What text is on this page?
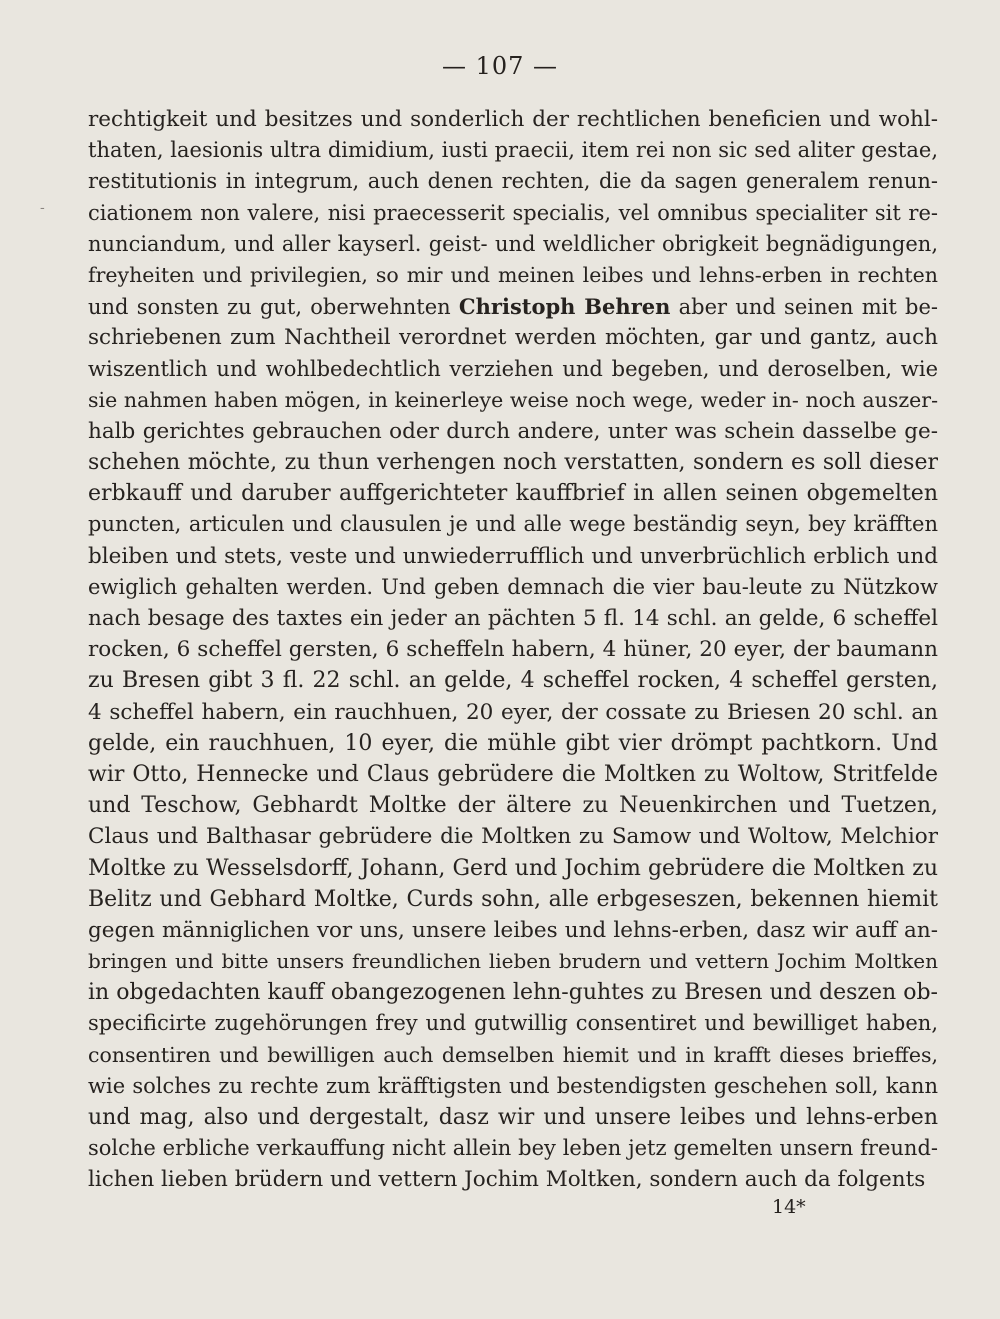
-
— 107 —
rechtigkeit und besitzes und sonderlich der rechtlichen beneficien und wohl-
thaten, laesionis ultra dimidium, iusti praecii, item rei non sic sed aliter gestae,
restitutionis in integrum, auch denen rechten, die da sagen generalem renun-
ciationem non valere, nisi praecesserit specialis, vel omnibus specialiter sit re-
nunciandum, und aller kayserl. geist- und weldlicher obrigkeit begnädigungen,
freyheiten und privilegien, so mir und meinen leibes und lehns-erben in rechten
und sonsten zu gut, oberwehnten Christoph Behren aber und seinen mit be-
schriebenen zum Nachtheil verordnet werden möchten, gar und gantz, auch
wiszentlich und wohlbedechtlich verziehen und begeben, und deroselben, wie
sie nahmen haben mögen, in keinerleye weise noch wege, weder in- noch auszer-
halb gerichtes gebrauchen oder durch andere, unter was schein dasselbe ge-
schehen möchte, zu thun verhengen noch verstatten, sondern es soll dieser
erbkauff und daruber auffgerichteter kauffbrief in allen seinen obgemelten
puncten, articulen und clausulen je und alle wege beständig seyn, bey kräfften
bleiben und stets, veste und unwiederrufflich und unverbrüchlich erblich und
ewiglich gehalten werden. Und geben demnach die vier bau-leute zu Nützkow
nach besage des taxtes ein jeder an pächten 5 fl. 14 schl. an gelde, 6 scheffel
rocken, 6 scheffel gersten, 6 scheffeln habern, 4 hüner, 20 eyer, der baumann
zu Bresen gibt 3 fl. 22 schl. an gelde, 4 scheffel rocken, 4 scheffel gersten,
4 scheffel habern, ein rauchhuen, 20 eyer, der cossate zu Briesen 20 schl. an
gelde, ein rauchhuen, 10 eyer, die mühle gibt vier drömpt pachtkorn. Und
wir Otto, Hennecke und Claus gebrüdere die Moltken zu Woltow, Stritfelde
und Teschow, Gebhardt Moltke der ältere zu Neuenkirchen und Tuetzen,
Claus und Balthasar gebrüdere die Moltken zu Samow und Woltow, Melchior
Moltke zu Wesselsdorff, Johann, Gerd und Jochim gebrüdere die Moltken zu
Belitz und Gebhard Moltke, Curds sohn, alle erbgeseszen, bekennen hiemit
gegen männiglichen vor uns, unsere leibes und lehns-erben, dasz wir auff an-
bringen und bitte unsers freundlichen lieben brudern und vettern Jochim Moltken
in obgedachten kauff obangezogenen lehn-guhtes zu Bresen und deszen ob-
specificirte zugehörungen frey und gutwillig consentiret und bewilliget haben,
consentiren und bewilligen auch demselben hiemit und in krafft dieses brieffes,
wie solches zu rechte zum kräfftigsten und bestendigsten geschehen soll, kann
und mag, also und dergestalt, dasz wir und unsere leibes und lehns-erben
solche erbliche verkauffung nicht allein bey leben jetz gemelten unsern freund-
lichen lieben brüdern und vettern Jochim Moltken, sondern auch da folgents
14*
